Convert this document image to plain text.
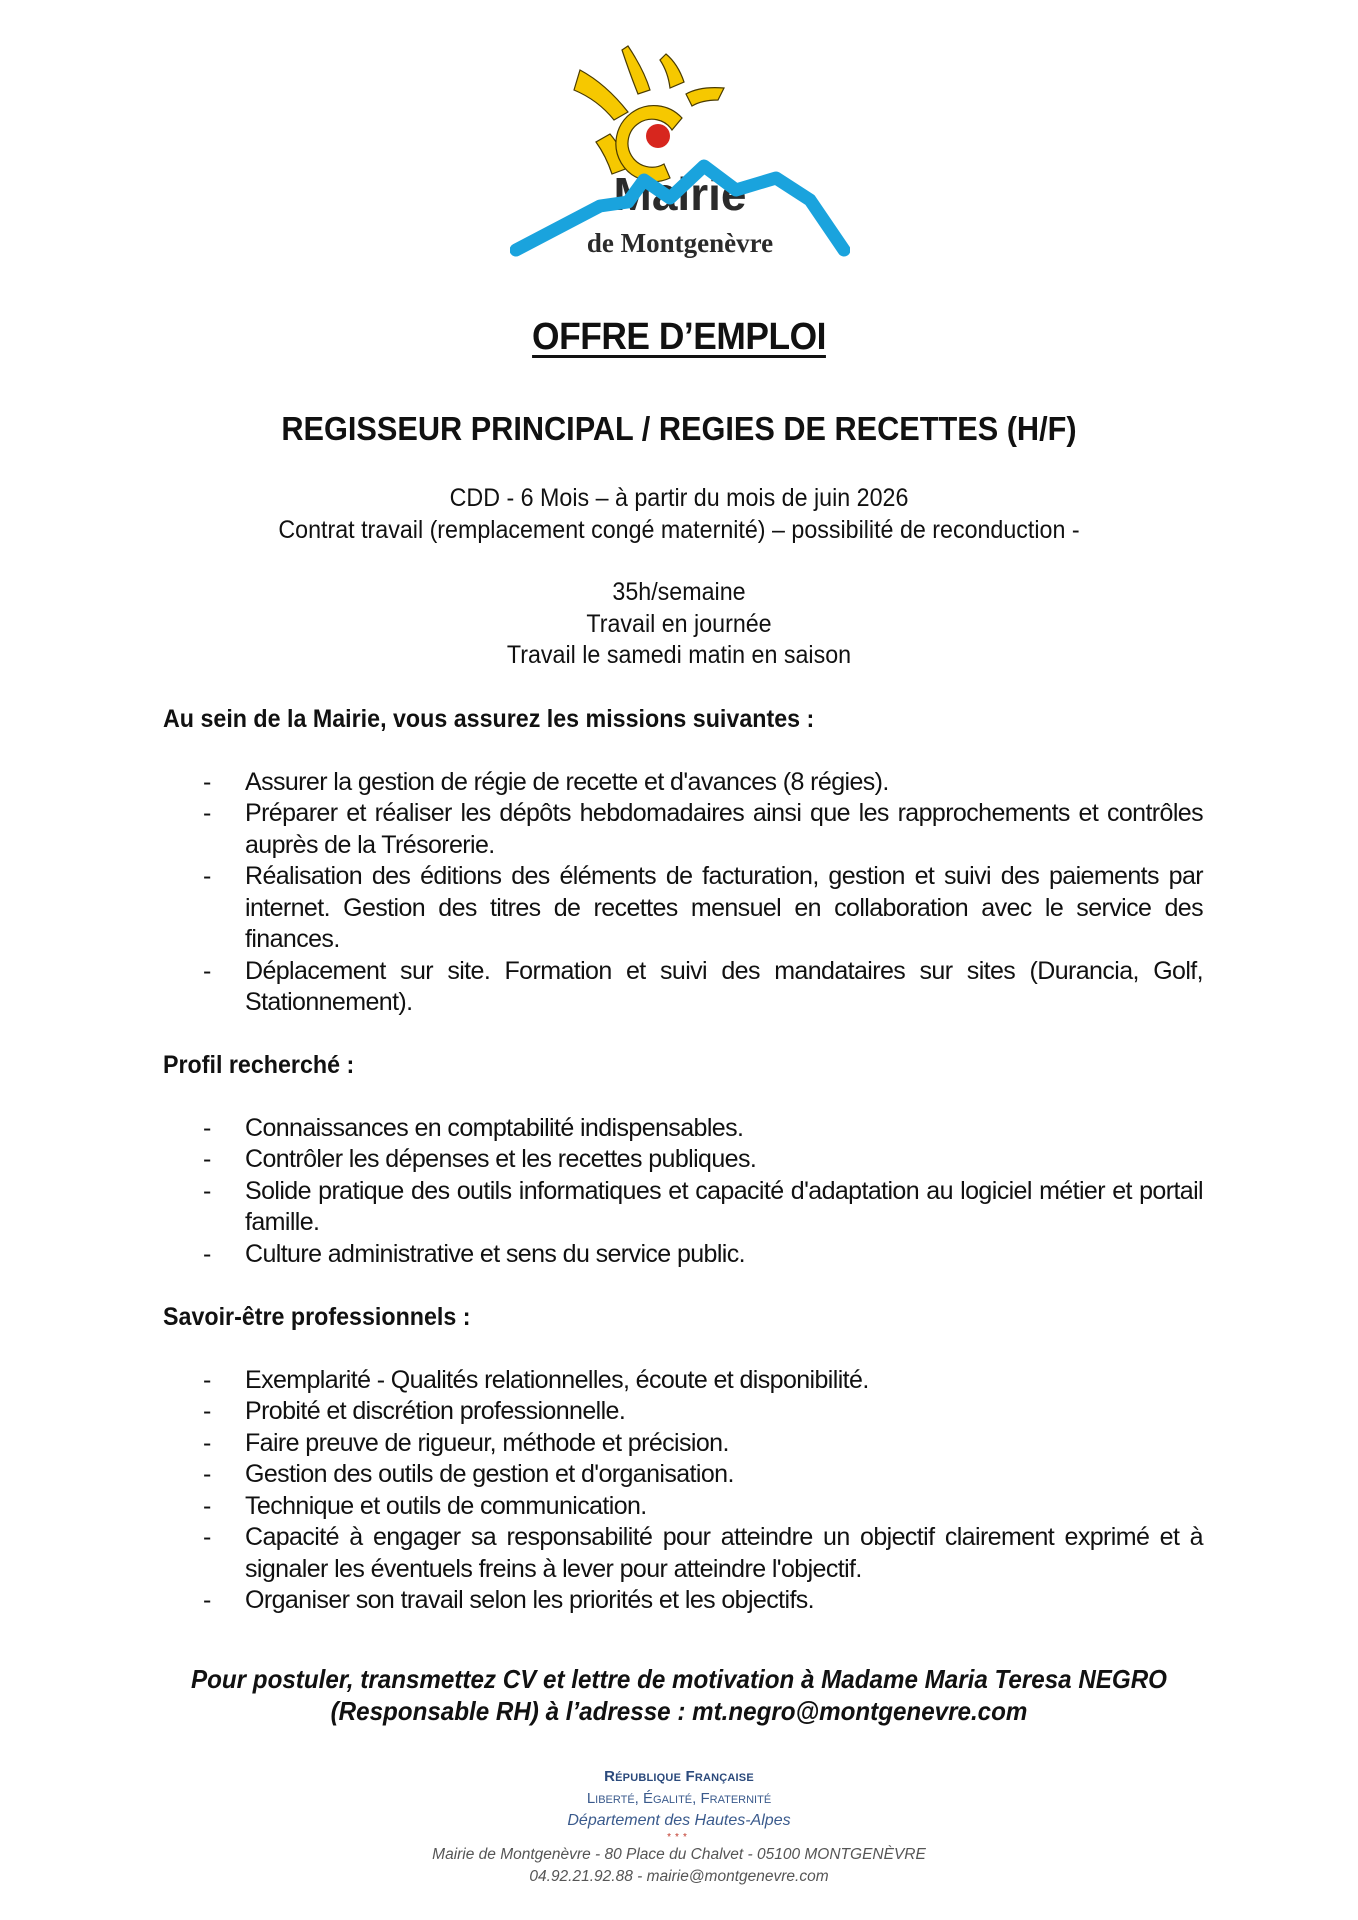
Mairie
de Montgenèvre
OFFRE D’EMPLOI
REGISSEUR PRINCIPAL / REGIES DE RECETTES (H/F)
CDD - 6 Mois – à partir du mois de juin 2026
Contrat travail (remplacement congé maternité) – possibilité de reconduction -
35h/semaine
Travail en journée
Travail le samedi matin en saison
Au sein de la Mairie, vous assurez les missions suivantes :
- Assurer la gestion de régie de recette et d'avances (8 régies).
- Préparer et réaliser les dépôts hebdomadaires ainsi que les rapprochements et contrôles auprès de la Trésorerie.
- Réalisation des éditions des éléments de facturation, gestion et suivi des paiements par internet. Gestion des titres de recettes mensuel en collaboration avec le service des finances.
- Déplacement sur site. Formation et suivi des mandataires sur sites (Durancia, Golf, Stationnement).
Profil recherché :
- Connaissances en comptabilité indispensables.
- Contrôler les dépenses et les recettes publiques.
- Solide pratique des outils informatiques et capacité d'adaptation au logiciel métier et portail famille.
- Culture administrative et sens du service public.
Savoir-être professionnels :
- Exemplarité - Qualités relationnelles, écoute et disponibilité.
- Probité et discrétion professionnelle.
- Faire preuve de rigueur, méthode et précision.
- Gestion des outils de gestion et d'organisation.
- Technique et outils de communication.
- Capacité à engager sa responsabilité pour atteindre un objectif clairement exprimé et à signaler les éventuels freins à lever pour atteindre l'objectif.
- Organiser son travail selon les priorités et les objectifs.
Pour postuler, transmettez CV et lettre de motivation à Madame Maria Teresa NEGRO
(Responsable RH) à l’adresse : mt.negro@montgenevre.com
République Française
Liberté, Égalité, Fraternité
Département des Hautes-Alpes
***
Mairie de Montgenèvre - 80 Place du Chalvet - 05100 MONTGENÈVRE
04.92.21.92.88 - mairie@montgenevre.com
